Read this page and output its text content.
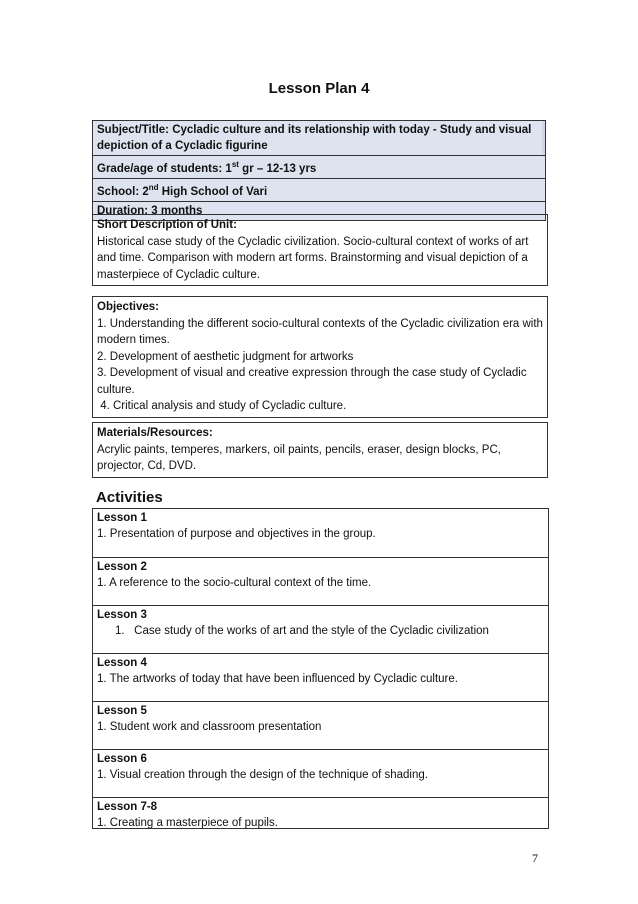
Lesson Plan 4
Subject/Title: Cycladic culture and its relationship with today - Study and visual depiction of a Cycladic figurine
Grade/age of students: 1st gr – 12-13 yrs
School: 2nd High School of Vari
Duration: 3 months
Short Description of Unit:
Historical case study of the Cycladic civilization. Socio-cultural context of works of art and time. Comparison with modern art forms. Brainstorming and visual depiction of a masterpiece of Cycladic culture.
Objectives:
1. Understanding the different socio-cultural contexts of the Cycladic civilization era with modern times.
2. Development of aesthetic judgment for artworks
3. Development of visual and creative expression through the case study of Cycladic culture.
4. Critical analysis and study of Cycladic culture.
Materials/Resources:
Acrylic paints, temperes, markers, oil paints, pencils, eraser, design blocks, PC, projector, Cd, DVD.
Activities
Lesson 1
1. Presentation of purpose and objectives in the group.
Lesson 2
1. A reference to the socio-cultural context of the time.
Lesson 3
1.   Case study of the works of art and the style of the Cycladic civilization
Lesson 4
1. The artworks of today that have been influenced by Cycladic culture.
Lesson 5
1. Student work and classroom presentation
Lesson 6
1. Visual creation through the design of the technique of shading.
Lesson 7-8
1. Creating a masterpiece of pupils.
7
